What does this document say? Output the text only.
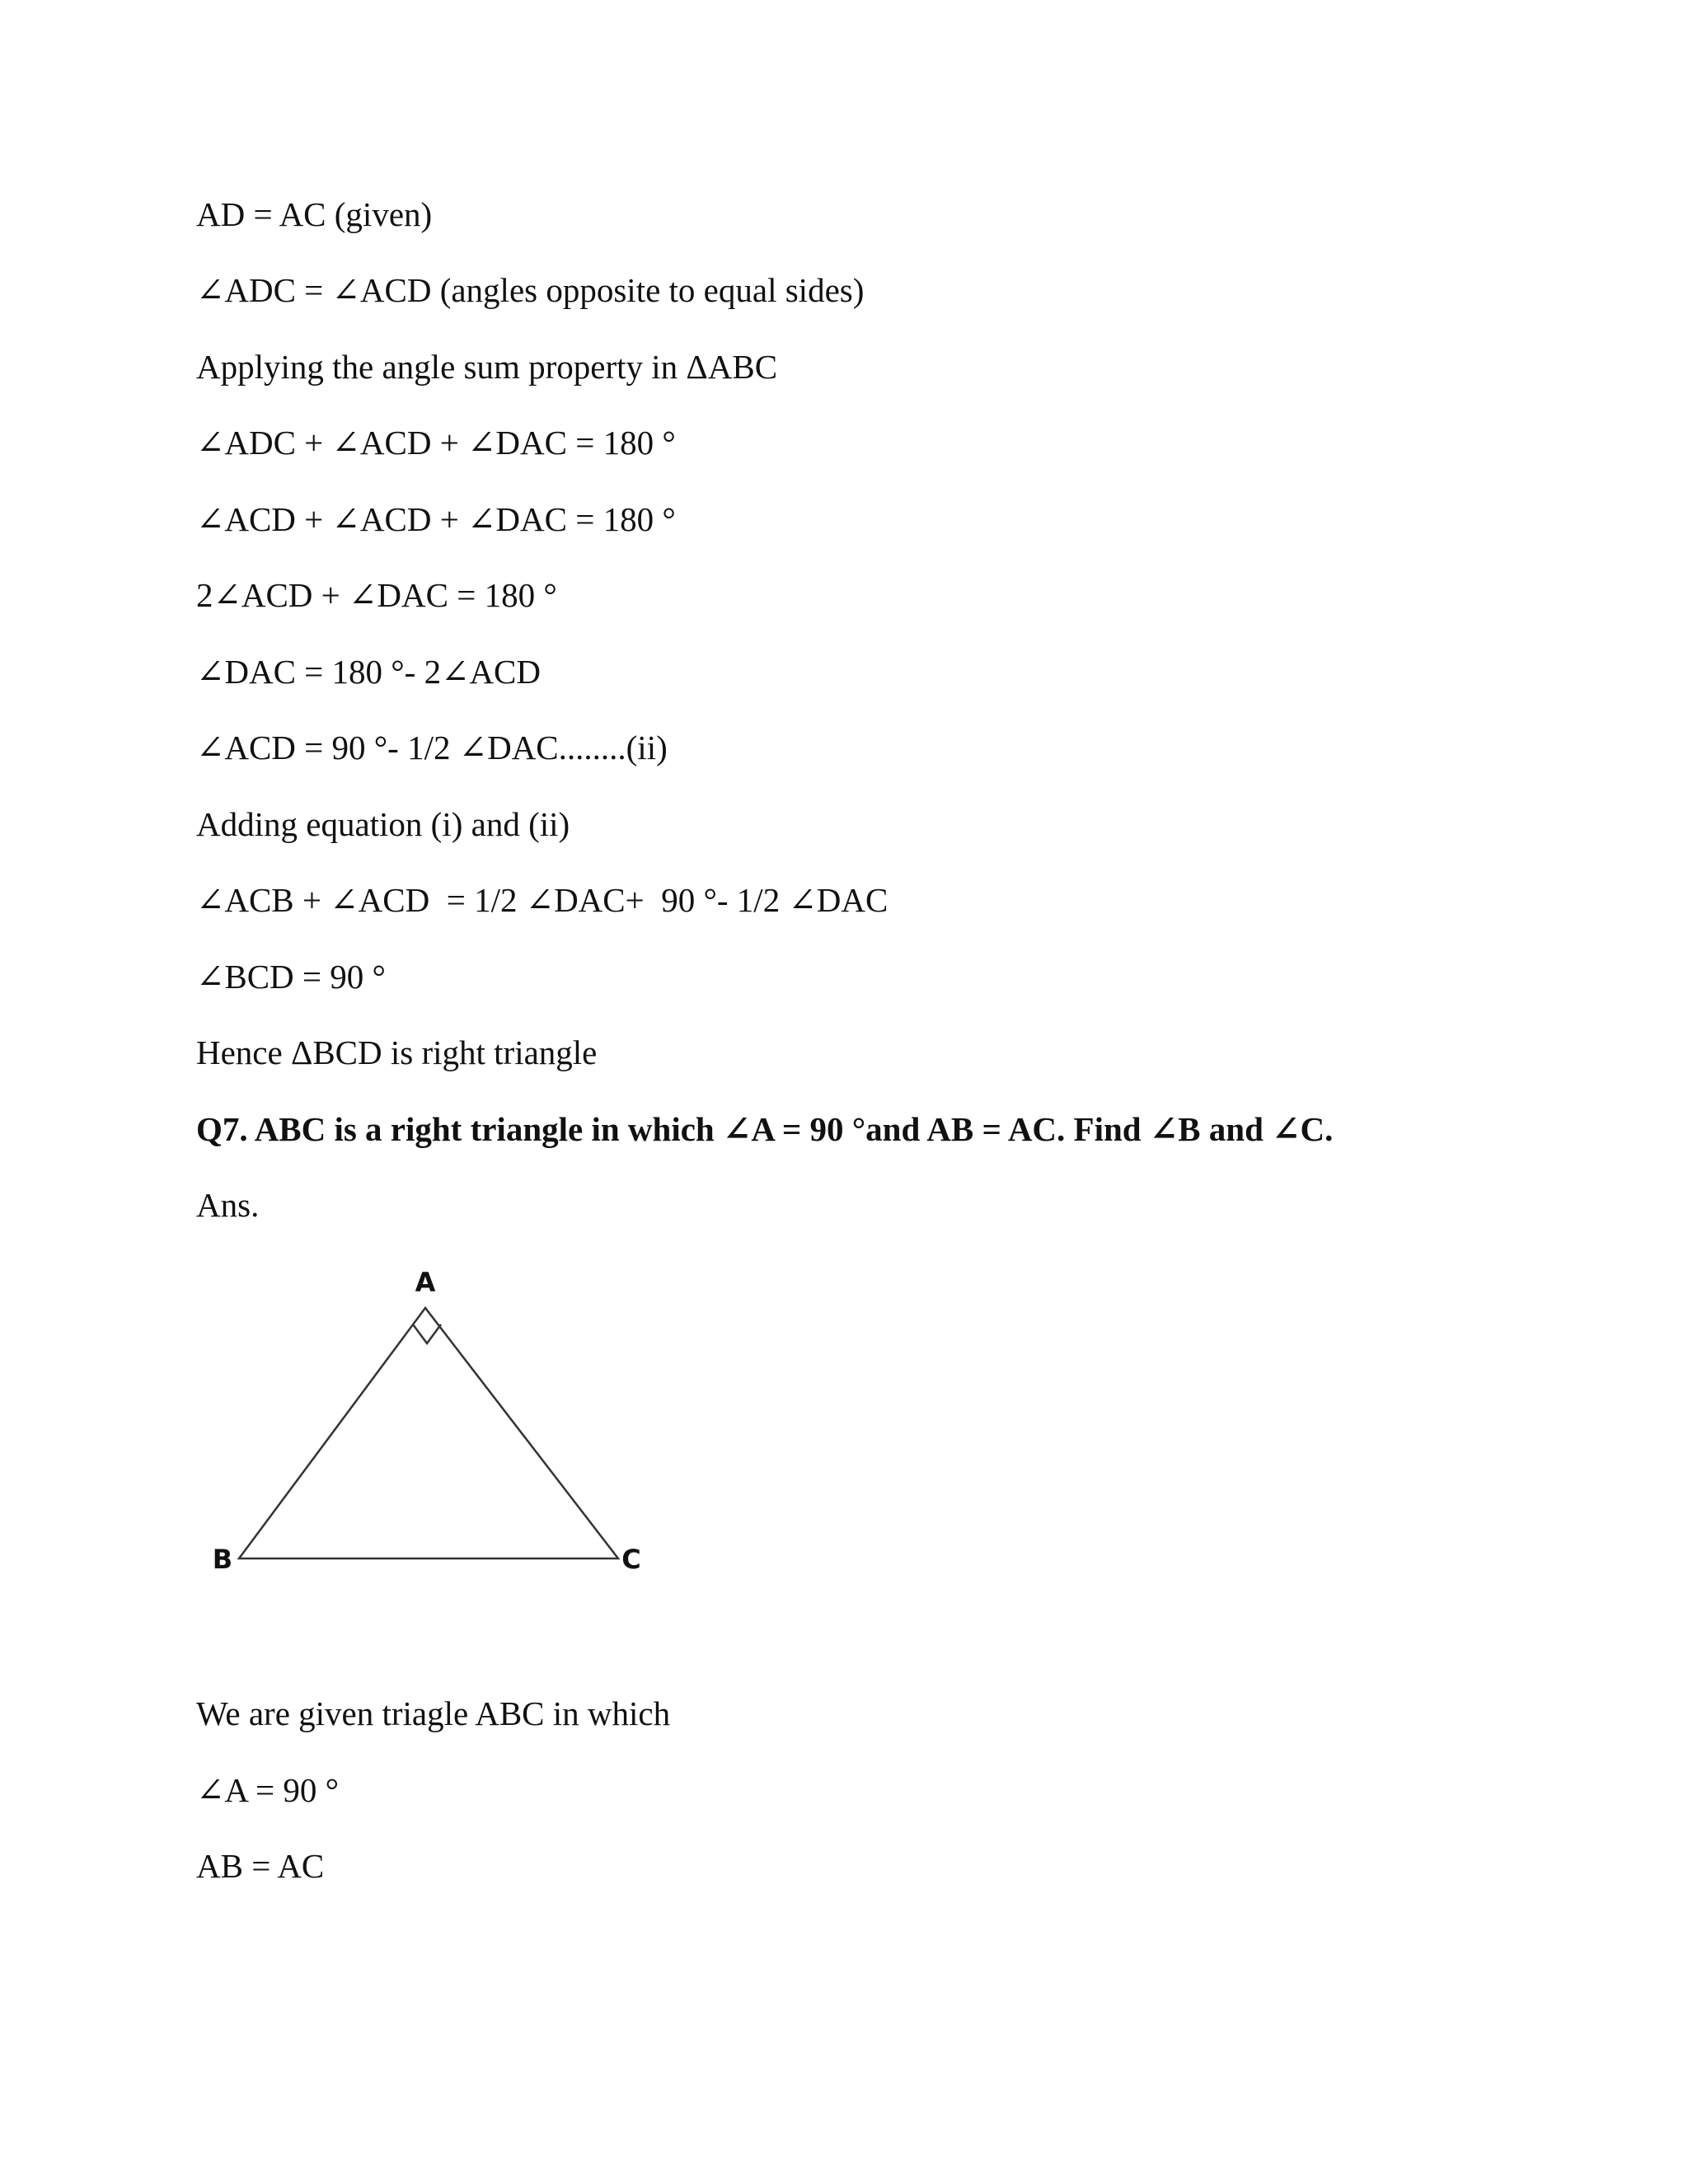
AD = AC (given)
∠ADC = ∠ACD (angles opposite to equal sides)
Applying the angle sum property in ΔABC
∠ADC + ∠ACD + ∠DAC = 180 °
∠ACD + ∠ACD + ∠DAC = 180 °
2∠ACD + ∠DAC = 180 °
∠DAC = 180 °- 2∠ACD
∠ACD = 90 °- 1/2 ∠DAC........(ii)
Adding equation (i) and (ii)
∠ACB + ∠ACD  = 1/2 ∠DAC+  90 °- 1/2 ∠DAC
∠BCD = 90 °
Hence ΔBCD is right triangle
Q7. ABC is a right triangle in which ∠A = 90 °and AB = AC. Find ∠B and ∠C.
Ans.
A
B	C
We are given triagle ABC in which
∠A = 90 °
AB = AC
